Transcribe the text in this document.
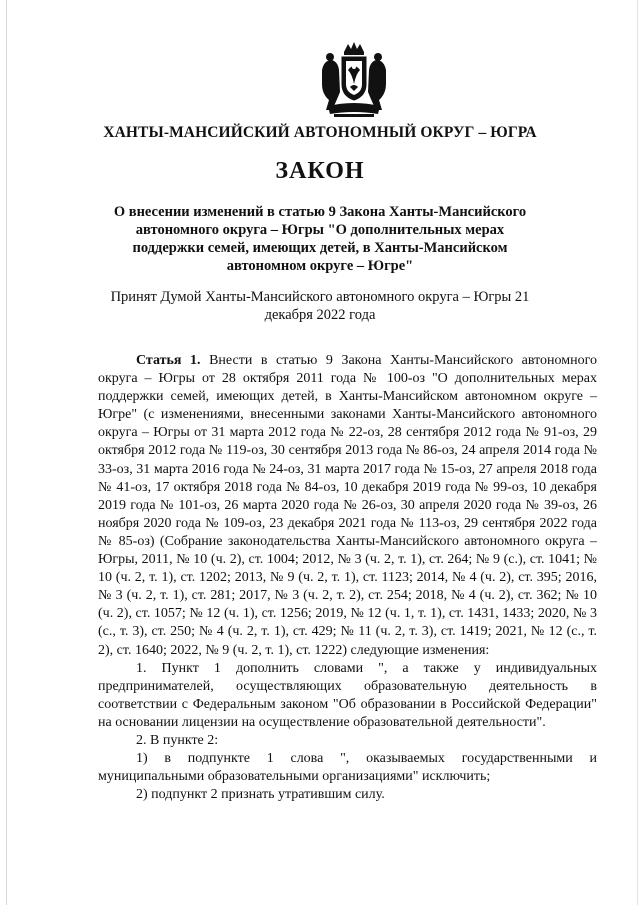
ХАНТЫ-МАНСИЙСКИЙ АВТОНОМНЫЙ ОКРУГ – ЮГРА
ЗАКОН
О внесении изменений в статью 9 Закона Ханты-Мансийского автономного округа – Югры "О дополнительных мерах поддержки семей, имеющих детей, в Ханты-Мансийском автономном округе – Югре"
Принят Думой Ханты-Мансийского автономного округа – Югры 21 декабря 2022 года

Статья 1. Внести в статью 9 Закона Ханты-Мансийского автономного округа – Югры от 28 октября 2011 года № 100-оз "О дополнительных мерах поддержки семей, имеющих детей, в Ханты-Мансийском автономном округе – Югре" (с изменениями, внесенными законами Ханты-Мансийского автономного округа – Югры от 31 марта 2012 года № 22-оз, 28 сентября 2012 года № 91-оз, 29 октября 2012 года № 119-оз, 30 сентября 2013 года № 86-оз, 24 апреля 2014 года № 33-оз, 31 марта 2016 года № 24-оз, 31 марта 2017 года № 15-оз, 27 апреля 2018 года № 41-оз, 17 октября 2018 года № 84-оз, 10 декабря 2019 года № 99-оз, 10 декабря 2019 года № 101-оз, 26 марта 2020 года № 26-оз, 30 апреля 2020 года № 39-оз, 26 ноября 2020 года № 109-оз, 23 декабря 2021 года № 113-оз, 29 сентября 2022 года № 85-оз) (Собрание законодательства Ханты-Мансийского автономного округа – Югры, 2011, № 10 (ч. 2), ст. 1004; 2012, № 3 (ч. 2, т. 1), ст. 264; № 9 (с.), ст. 1041; № 10 (ч. 2, т. 1), ст. 1202; 2013, № 9 (ч. 2, т. 1), ст. 1123; 2014, № 4 (ч. 2), ст. 395; 2016, № 3 (ч. 2, т. 1), ст. 281; 2017, № 3 (ч. 2, т. 2), ст. 254; 2018, № 4 (ч. 2), ст. 362; № 10 (ч. 2), ст. 1057; № 12 (ч. 1), ст. 1256; 2019, № 12 (ч. 1, т. 1), ст. 1431, 1433; 2020, № 3 (с., т. 3), ст. 250; № 4 (ч. 2, т. 1), ст. 429; № 11 (ч. 2, т. 3), ст. 1419; 2021, № 12 (с., т. 2), ст. 1640; 2022, № 9 (ч. 2, т. 1), ст. 1222) следующие изменения:

1. Пункт 1 дополнить словами ", а также у индивидуальных предпринимателей, осуществляющих образовательную деятельность в соответствии с Федеральным законом "Об образовании в Российской Федерации" на основании лицензии на осуществление образовательной деятельности".

2. В пункте 2:

1) в подпункте 1 слова ", оказываемых государственными и муниципальными образовательными организациями" исключить;

2) подпункт 2 признать утратившим силу.
